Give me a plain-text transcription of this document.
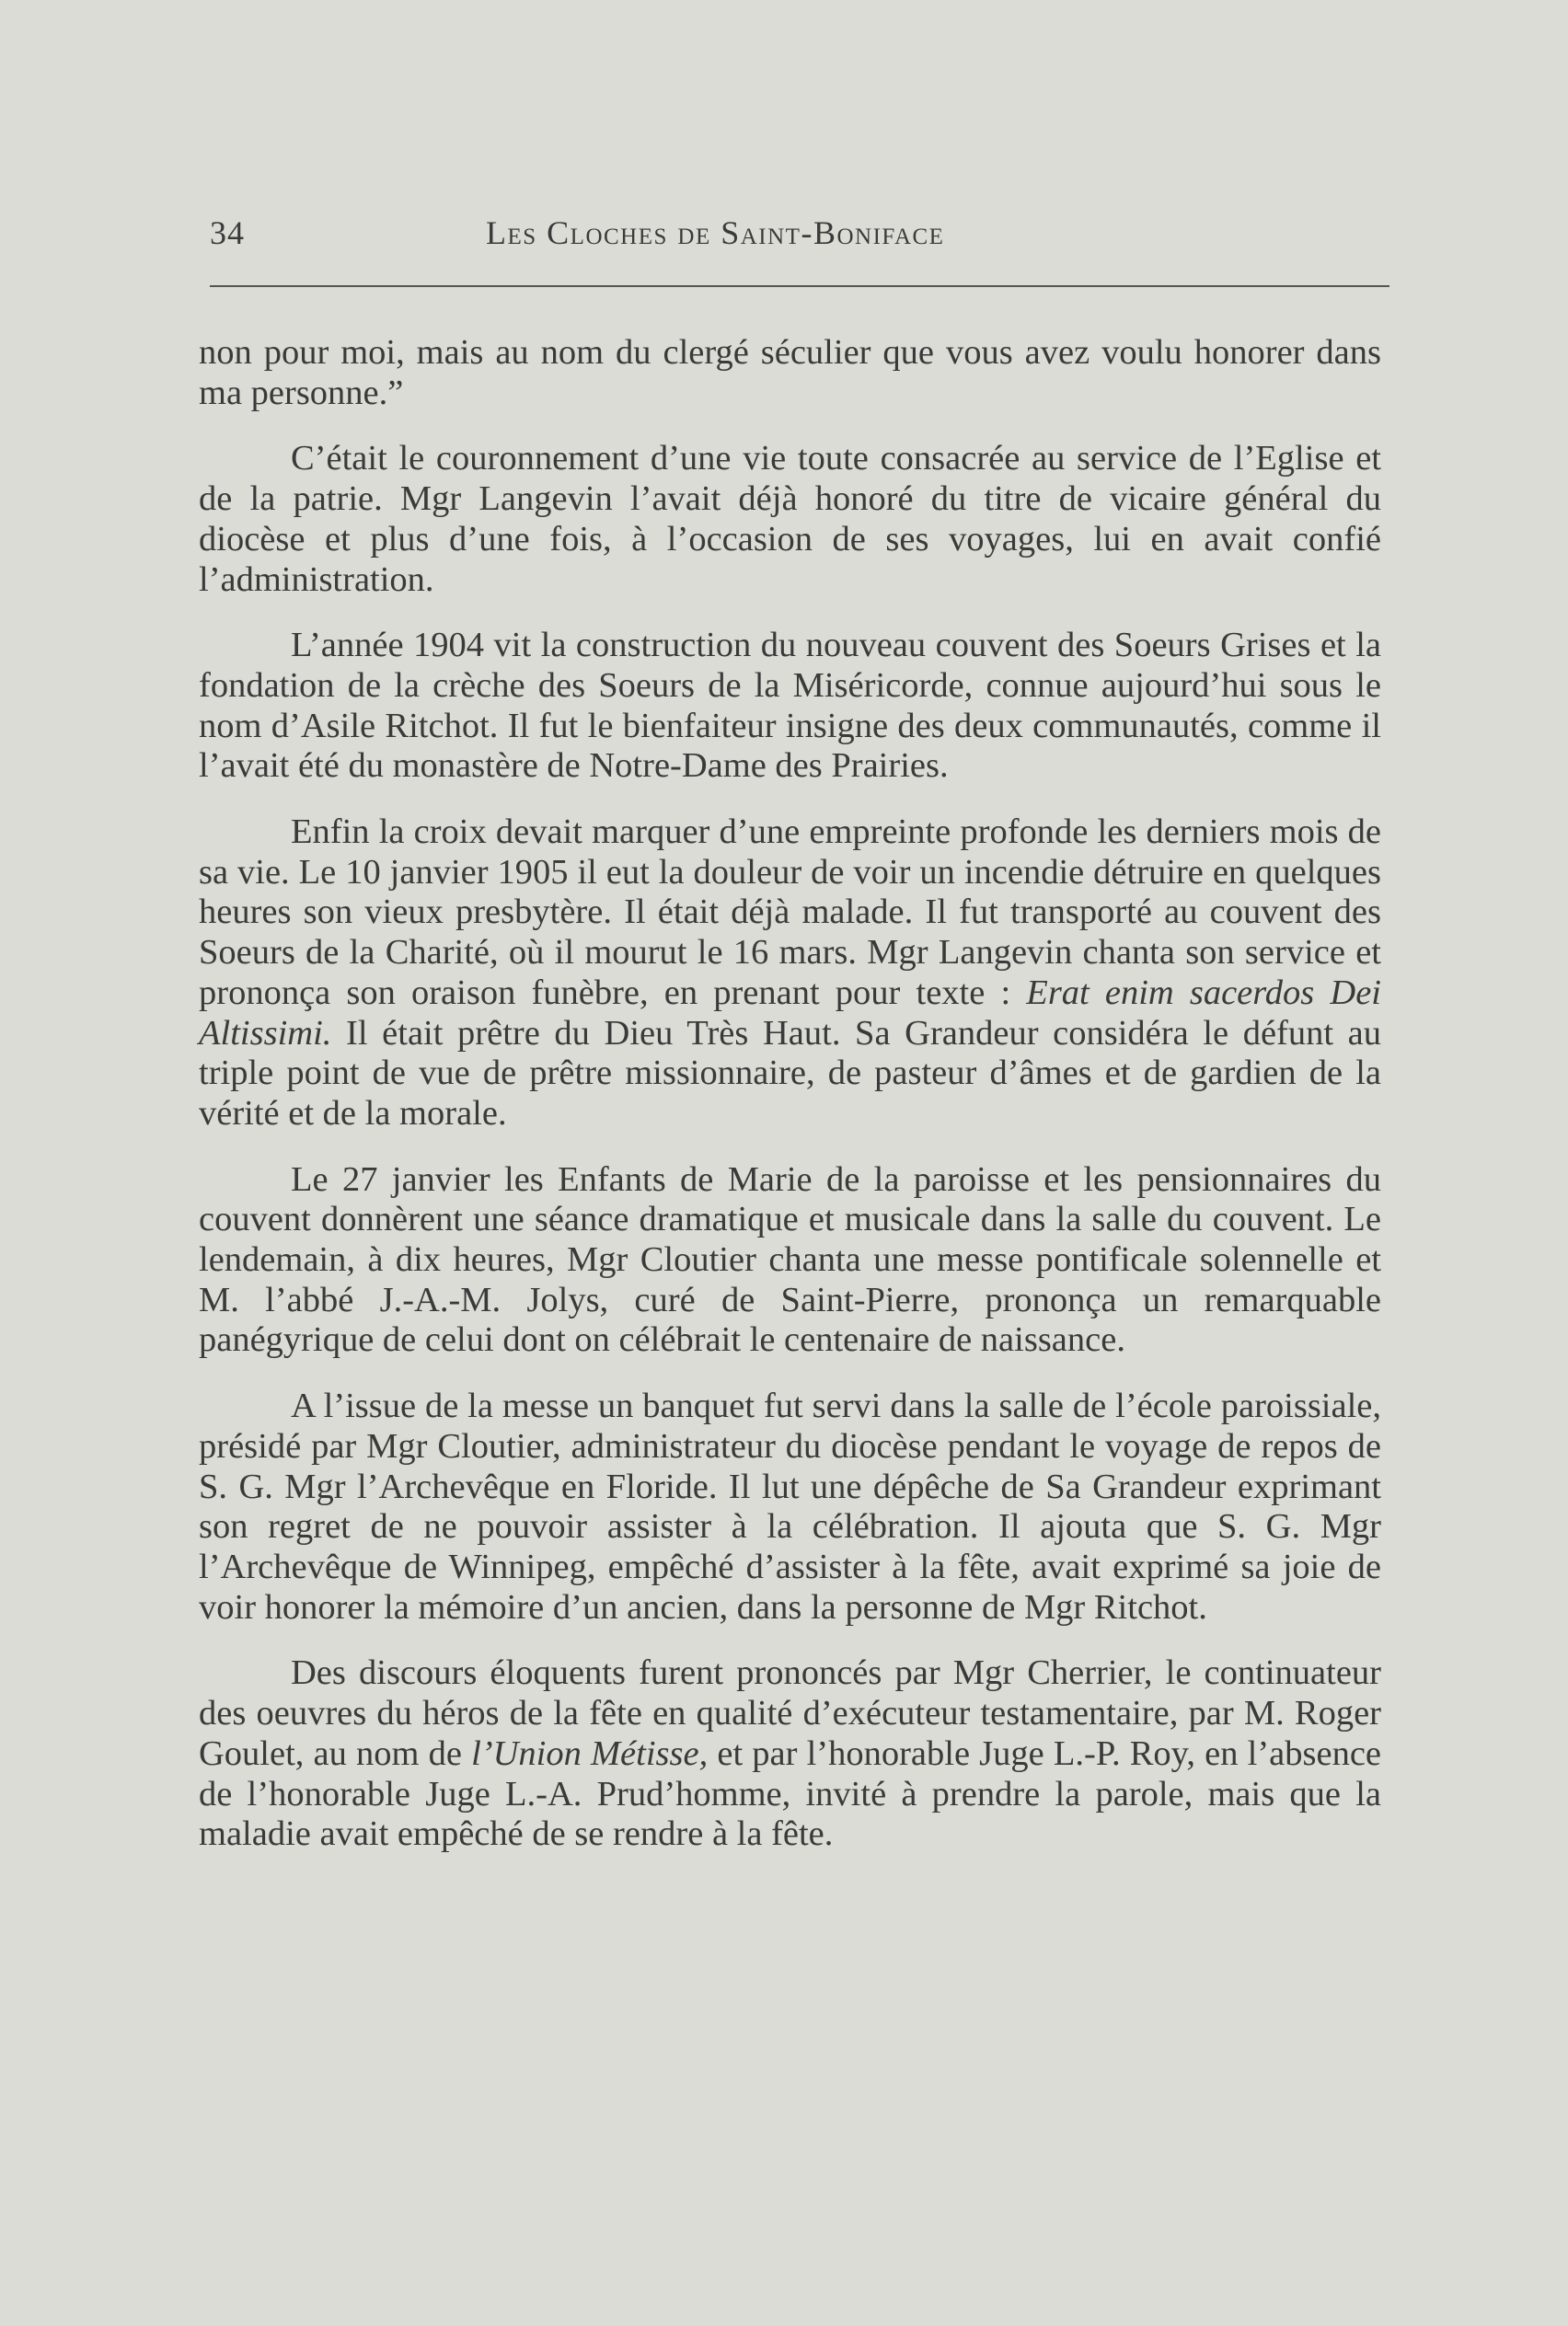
34	Les Cloches de Saint-Boniface

non pour moi, mais au nom du clergé séculier que vous avez voulu honorer dans ma personne.”

C’était le couronnement d’une vie toute consacrée au service de l’Eglise et de la patrie. Mgr Langevin l’avait déjà honoré du titre de vicaire général du diocèse et plus d’une fois, à l’occasion de ses voyages, lui en avait confié l’administration.

L’année 1904 vit la construction du nouveau couvent des Soeurs Grises et la fondation de la crèche des Soeurs de la Miséricorde, connue aujourd’hui sous le nom d’Asile Ritchot. Il fut le bienfaiteur insigne des deux communautés, comme il l’avait été du monastère de Notre-Dame des Prairies.

Enfin la croix devait marquer d’une empreinte profonde les derniers mois de sa vie. Le 10 janvier 1905 il eut la douleur de voir un incendie détruire en quelques heures son vieux presbytère. Il était déjà malade. Il fut transporté au couvent des Soeurs de la Charité, où il mourut le 16 mars. Mgr Langevin chanta son service et prononça son oraison funèbre, en prenant pour texte : Erat enim sacerdos Dei Altissimi. Il était prêtre du Dieu Très Haut. Sa Grandeur considéra le défunt au triple point de vue de prêtre missionnaire, de pasteur d’âmes et de gardien de la vérité et de la morale.

Le 27 janvier les Enfants de Marie de la paroisse et les pensionnaires du couvent donnèrent une séance dramatique et musicale dans la salle du couvent. Le lendemain, à dix heures, Mgr Cloutier chanta une messe pontificale solennelle et M. l’abbé J.-A.-M. Jolys, curé de Saint-Pierre, prononça un remarquable panégyrique de celui dont on célébrait le centenaire de naissance.

A l’issue de la messe un banquet fut servi dans la salle de l’école paroissiale, présidé par Mgr Cloutier, administrateur du diocèse pendant le voyage de repos de S. G. Mgr l’Archevêque en Floride. Il lut une dépêche de Sa Grandeur exprimant son regret de ne pouvoir assister à la célébration. Il ajouta que S. G. Mgr l’Archevêque de Winnipeg, empêché d’assister à la fête, avait exprimé sa joie de voir honorer la mémoire d’un ancien, dans la personne de Mgr Ritchot.

Des discours éloquents furent prononcés par Mgr Cherrier, le continuateur des oeuvres du héros de la fête en qualité d’exécuteur testamentaire, par M. Roger Goulet, au nom de l’Union Métisse, et par l’honorable Juge L.-P. Roy, en l’absence de l’honorable Juge L.-A. Prud’homme, invité à prendre la parole, mais que la maladie avait empêché de se rendre à la fête.
